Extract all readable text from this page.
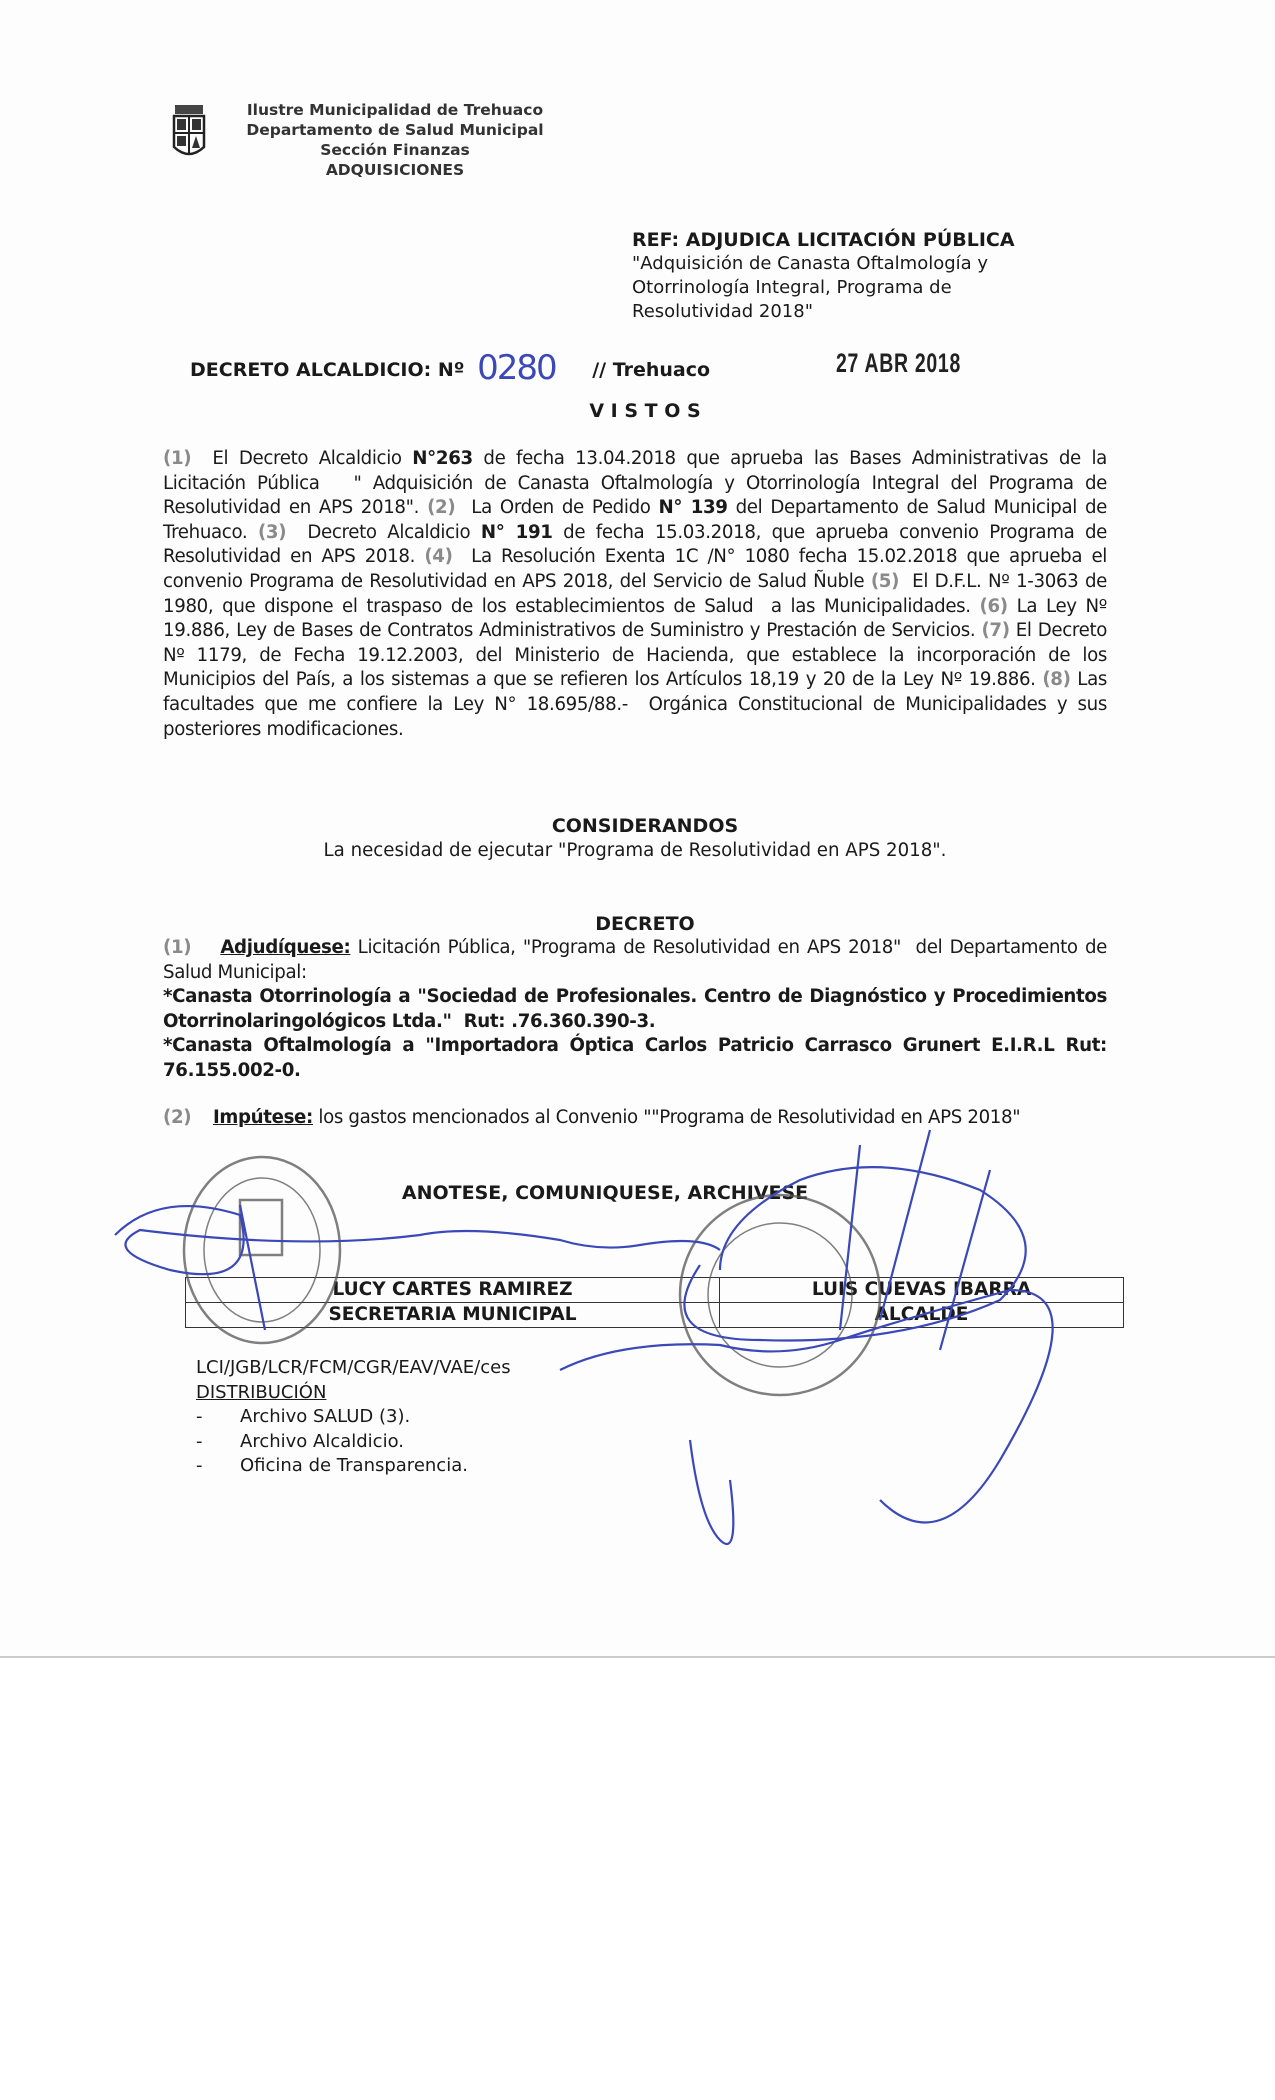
Ilustre Municipalidad de Trehuaco
Departamento de Salud Municipal
Sección Finanzas
ADQUISICIONES
REF: ADJUDICA LICITACIÓN PÚBLICA
"Adquisición de Canasta Oftalmología y
Otorrinología Integral, Programa de
Resolutividad 2018"
DECRETO ALCALDICIO: Nº 0280 // Trehuaco	27 ABR 2018
V I S T O S
(1)  El Decreto Alcaldicio N°263 de fecha 13.04.2018 que aprueba las Bases Administrativas de la Licitación Pública   " Adquisición de Canasta Oftalmología y Otorrinología Integral del Programa de Resolutividad en APS 2018". (2)  La Orden de Pedido N° 139 del Departamento de Salud Municipal de Trehuaco. (3)  Decreto Alcaldicio N° 191 de fecha 15.03.2018, que aprueba convenio Programa de Resolutividad en APS 2018. (4)  La Resolución Exenta 1C /N° 1080 fecha 15.02.2018 que aprueba el convenio Programa de Resolutividad en APS 2018, del Servicio de Salud Ñuble (5)  El D.F.L. Nº 1-3063 de 1980, que dispone el traspaso de los establecimientos de Salud  a las Municipalidades. (6) La Ley Nº 19.886, Ley de Bases de Contratos Administrativos de Suministro y Prestación de Servicios. (7) El Decreto Nº 1179, de Fecha 19.12.2003, del Ministerio de Hacienda, que establece la incorporación de los Municipios del País, a los sistemas a que se refieren los Artículos 18,19 y 20 de la Ley Nº 19.886. (8) Las facultades que me confiere la Ley N° 18.695/88.-  Orgánica Constitucional de Municipalidades y sus posteriores modificaciones.
CONSIDERANDOS
La necesidad de ejecutar "Programa de Resolutividad en APS 2018".
DECRETO
(1) Adjudíquese: Licitación Pública, "Programa de Resolutividad en APS 2018"  del Departamento de Salud Municipal:
*Canasta Otorrinología a "Sociedad de Profesionales. Centro de Diagnóstico y Procedimientos Otorrinolaringológicos Ltda."  Rut: .76.360.390-3.
*Canasta Oftalmología a "Importadora Óptica Carlos Patricio Carrasco Grunert E.I.R.L Rut: 76.155.002-0.
(2) Impútese: los gastos mencionados al Convenio ""Programa de Resolutividad en APS 2018"
ANOTESE, COMUNIQUESE, ARCHIVESE
LUCY CARTES RAMIREZ	LUIS CUEVAS IBARRA
SECRETARIA MUNICIPAL	ALCALDE
LCI/JGB/LCR/FCM/CGR/EAV/VAE/ces
DISTRIBUCIÓN
-	Archivo SALUD (3).
-	Archivo Alcaldicio.
-	Oficina de Transparencia.
